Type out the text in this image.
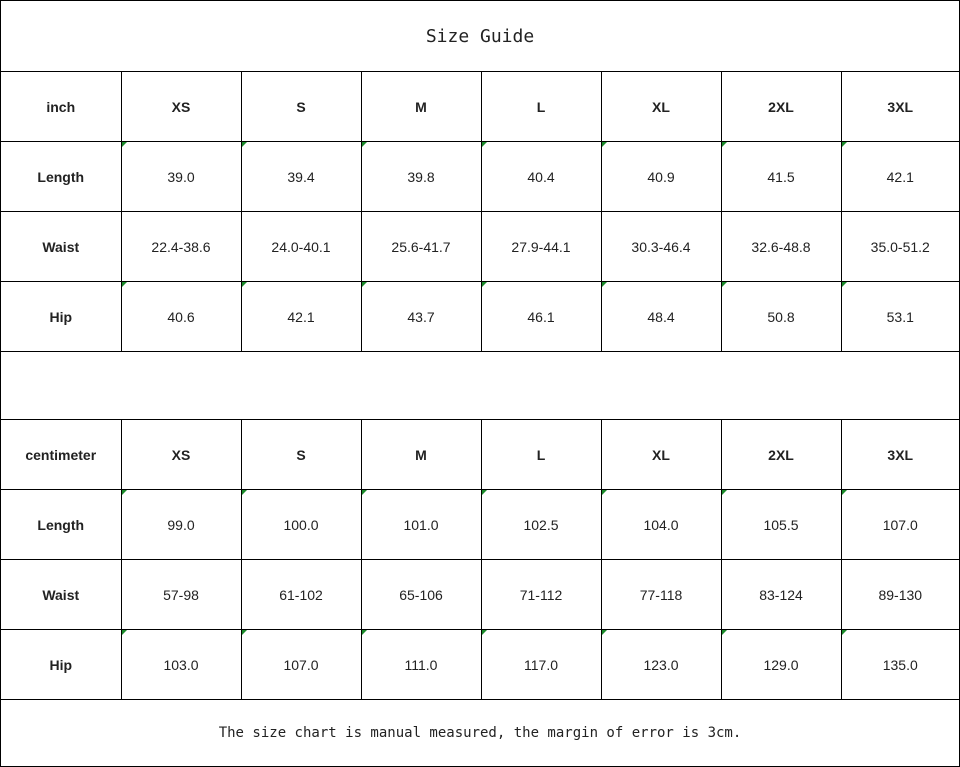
Size Guide
inch	XS	S	M	L	XL	2XL	3XL
Length	39.0	39.4	39.8	40.4	40.9	41.5	42.1

Waist	22.4-38.6	24.0-40.1	25.6-41.7	27.9-44.1	30.3-46.4	32.6-48.8	35.0-51.2
Hip	40.6	42.1	43.7	46.1	48.4	50.8	53.1
centimeter	XS	S	M	L	XL	2XL	3XL
Length	99.0	100.0	101.0	102.5	104.0	105.5	107.0

Waist	57-98	61-102	65-106	71-112	77-118	83-124	89-130
Hip	103.0	107.0	111.0	117.0	123.0	129.0	135.0
The size chart is manual measured, the margin of error is 3cm.
